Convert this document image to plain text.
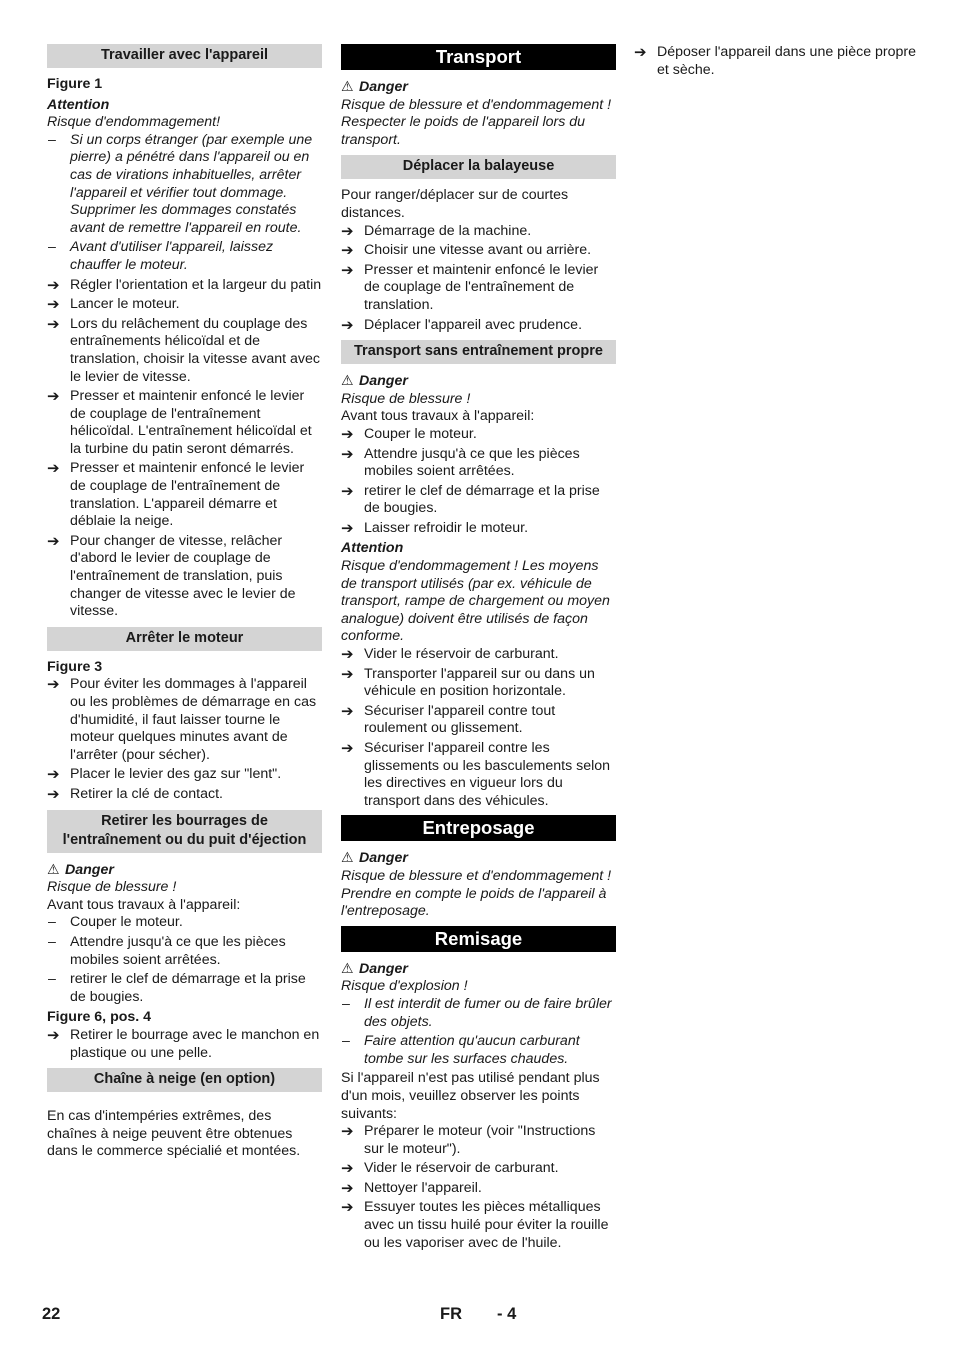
Travailler avec l'appareil
Figure 1
Attention
Risque d'endommagement!
– Si un corps étranger (par exemple une pierre) a pénétré dans l'appareil ou en cas de virations inhabituelles, arrêter l'appareil et vérifier tout dommage. Supprimer les dommages constatés avant de remettre l'appareil en route.
– Avant d'utiliser l'appareil, laissez chauffer le moteur.
➔ Régler l'orientation et la largeur du patin
➔ Lancer le moteur.
➔ Lors du relâchement du couplage des entraînements hélicoïdal et de translation, choisir la vitesse avant avec le levier de vitesse.
➔ Presser et maintenir enfoncé le levier de couplage de l'entraînement hélicoïdal. L'entraînement hélicoïdal et la turbine du patin seront démarrés.
➔ Presser et maintenir enfoncé le levier de couplage de l'entraînement de translation. L'appareil démarre et déblaie la neige.
➔ Pour changer de vitesse, relâcher d'abord le levier de couplage de l'entraînement de translation, puis changer de vitesse avec le levier de vitesse.
Arrêter le moteur
Figure 3
➔ Pour éviter les dommages à l'appareil ou les problèmes de démarrage en cas d'humidité, il faut laisser tourne le moteur quelques minutes avant de l'arrêter (pour sécher).
➔ Placer le levier des gaz sur "lent".
➔ Retirer la clé de contact.
Retirer les bourrages de l'entraînement ou du puit d'éjection
⚠ Danger
Risque de blessure !
Avant tous travaux à l'appareil:
– Couper le moteur.
– Attendre jusqu'à ce que les pièces mobiles soient arrêtées.
– retirer le clef de démarrage et la prise de bougies.
Figure 6, pos. 4
➔ Retirer le bourrage avec le manchon en plastique ou une pelle.
Chaîne à neige (en option)
En cas d'intempéries extrêmes, des chaînes à neige peuvent être obtenues dans le commerce spécialié et montées.
Transport
⚠ Danger
Risque de blessure et d'endommagement ! Respecter le poids de l'appareil lors du transport.
Déplacer la balayeuse
Pour ranger/déplacer sur de courtes distances.
➔ Démarrage de la machine.
➔ Choisir une vitesse avant ou arrière.
➔ Presser et maintenir enfoncé le levier de couplage de l'entraînement de translation.
➔ Déplacer l'appareil avec prudence.
Transport sans entraînement propre
⚠ Danger
Risque de blessure !
Avant tous travaux à l'appareil:
➔ Couper le moteur.
➔ Attendre jusqu'à ce que les pièces mobiles soient arrêtées.
➔ retirer le clef de démarrage et la prise de bougies.
➔ Laisser refroidir le moteur.
Attention
Risque d'endommagement ! Les moyens de transport utilisés (par ex. véhicule de transport, rampe de chargement ou moyen analogue) doivent être utilisés de façon conforme.
➔ Vider le réservoir de carburant.
➔ Transporter l'appareil sur ou dans un véhicule en position horizontale.
➔ Sécuriser l'appareil contre tout roulement ou glissement.
➔ Sécuriser l'appareil contre les glissements ou les basculements selon les directives en vigueur lors du transport dans des véhicules.
Entreposage
⚠ Danger
Risque de blessure et d'endommagement ! Prendre en compte le poids de l'appareil à l'entreposage.
Remisage
⚠ Danger
Risque d'explosion !
– Il est interdit de fumer ou de faire brûler des objets.
– Faire attention qu'aucun carburant tombe sur les surfaces chaudes.
Si l'appareil n'est pas utilisé pendant plus d'un mois, veuillez observer les points suivants:
➔ Préparer le moteur (voir "Instructions sur le moteur").
➔ Vider le réservoir de carburant.
➔ Nettoyer l'appareil.
➔ Essuyer toutes les pièces métalliques avec un tissu huilé pour éviter la rouille ou les vaporiser avec de l'huile.
➔ Déposer l'appareil dans une pièce propre et sèche.
22	FR - 4
